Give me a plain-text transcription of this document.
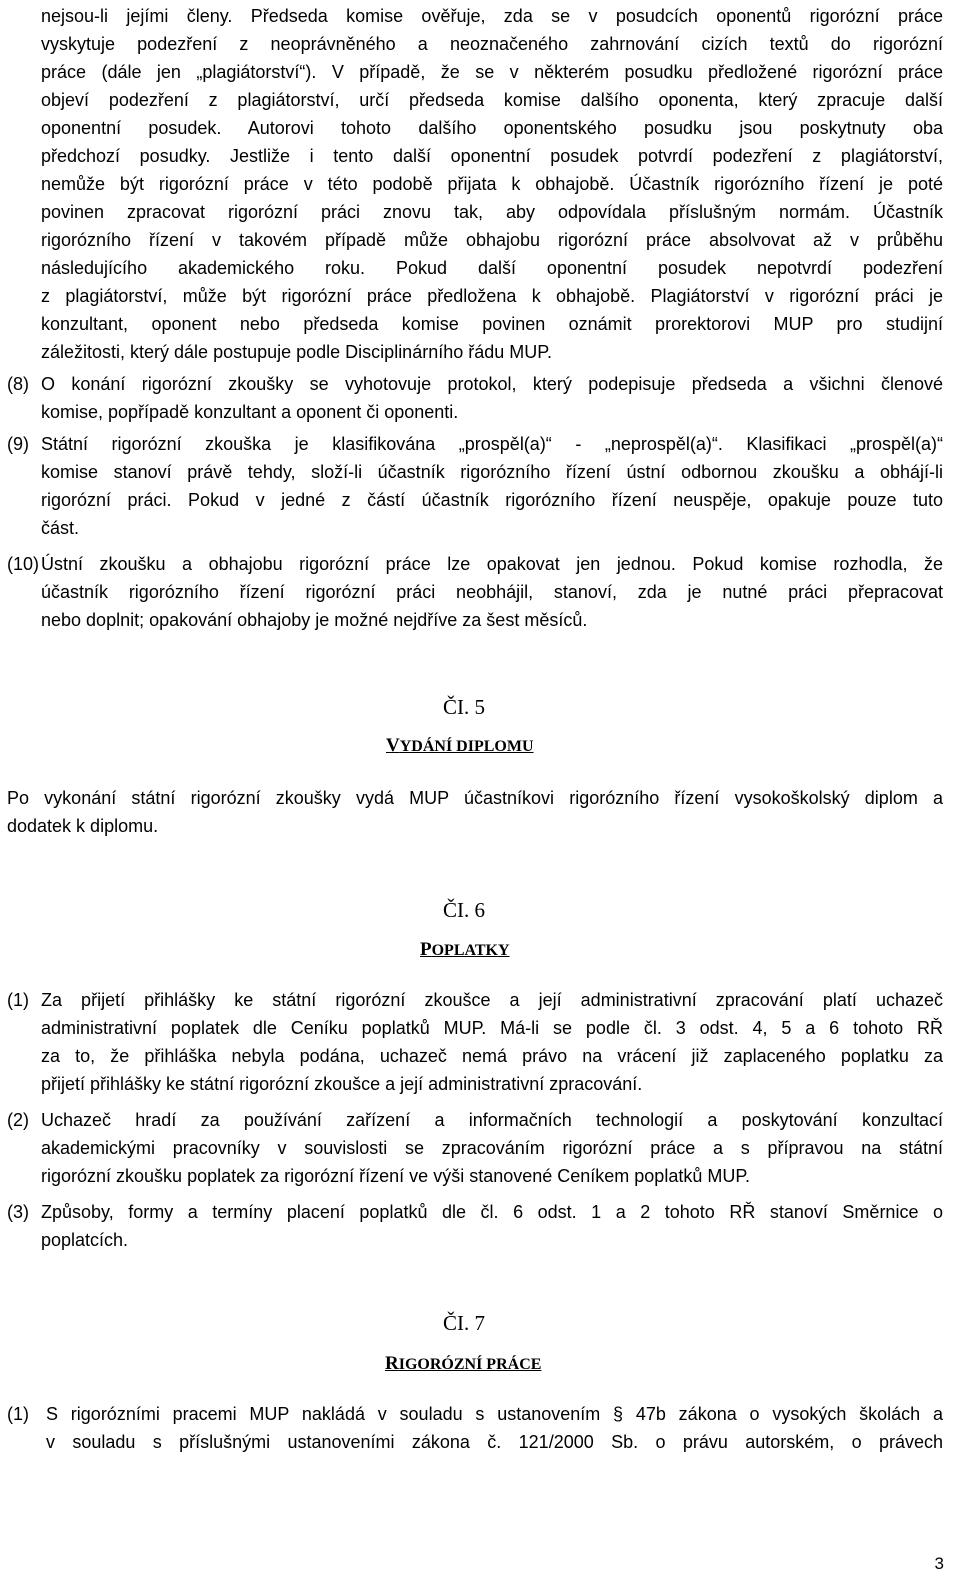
nejsou-li jejími členy. Předseda komise ověřuje, zda se v posudcích oponentů rigorózní práce
vyskytuje podezření z neoprávněného a neoznačeného zahrnování cizích textů do rigorózní
práce (dále jen „plagiátorství“). V případě, že se v některém posudku předložené rigorózní práce
objeví podezření z plagiátorství, určí předseda komise dalšího oponenta, který zpracuje další
oponentní posudek. Autorovi tohoto dalšího oponentského posudku jsou poskytnuty oba
předchozí posudky. Jestliže i tento další oponentní posudek potvrdí podezření z plagiátorství,
nemůže být rigorózní práce v této podobě přijata k obhajobě. Účastník rigorózního řízení je poté
povinen zpracovat rigorózní práci znovu tak, aby odpovídala příslušným normám. Účastník
rigorózního řízení v takovém případě může obhajobu rigorózní práce absolvovat až v průběhu
následujícího akademického roku. Pokud další oponentní posudek nepotvrdí podezření
z plagiátorství, může být rigorózní práce předložena k obhajobě. Plagiátorství v rigorózní práci je
konzultant, oponent nebo předseda komise povinen oznámit prorektorovi MUP pro studijní
záležitosti, který dále postupuje podle Disciplinárního řádu MUP.
(8) O konání rigorózní zkoušky se vyhotovuje protokol, který podepisuje předseda a všichni členové
komise, popřípadě konzultant a oponent či oponenti.
(9) Státní rigorózní zkouška je klasifikována „prospěl(a)“ - „neprospěl(a)“. Klasifikaci „prospěl(a)“
komise stanoví právě tehdy, složí-li účastník rigorózního řízení ústní odbornou zkoušku a obhájí-li
rigorózní práci. Pokud v jedné z částí účastník rigorózního řízení neuspěje, opakuje pouze tuto
část.
(10) Ústní zkoušku a obhajobu rigorózní práce lze opakovat jen jednou. Pokud komise rozhodla, že
účastník rigorózního řízení rigorózní práci neobhájil, stanoví, zda je nutné práci přepracovat
nebo doplnit; opakování obhajoby je možné nejdříve za šest měsíců.
ČI. 5
VYDÁNÍ DIPLOMU
Po vykonání státní rigorózní zkoušky vydá MUP účastníkovi rigorózního řízení vysokoškolský diplom a
dodatek k diplomu.
ČI. 6
POPLATKY
(1) Za přijetí přihlášky ke státní rigorózní zkoušce a její administrativní zpracování platí uchazeč
administrativní poplatek dle Ceníku poplatků MUP. Má-li se podle čl. 3 odst. 4, 5 a 6 tohoto RŘ
za to, že přihláška nebyla podána, uchazeč nemá právo na vrácení již zaplaceného poplatku za
přijetí přihlášky ke státní rigorózní zkoušce a její administrativní zpracování.
(2) Uchazeč hradí za používání zařízení a informačních technologií a poskytování konzultací
akademickými pracovníky v souvislosti se zpracováním rigorózní práce a s přípravou na státní
rigorózní zkoušku poplatek za rigorózní řízení ve výši stanovené Ceníkem poplatků MUP.
(3) Způsoby, formy a termíny placení poplatků dle čl. 6 odst. 1 a 2 tohoto RŘ stanoví Směrnice o
poplatcích.
ČI. 7
RIGORÓZNÍ PRÁCE
(1) S rigorózními pracemi MUP nakládá v souladu s ustanovením § 47b zákona o vysokých školách a
v souladu s příslušnými ustanoveními zákona č. 121/2000 Sb. o právu autorském, o právech
3
